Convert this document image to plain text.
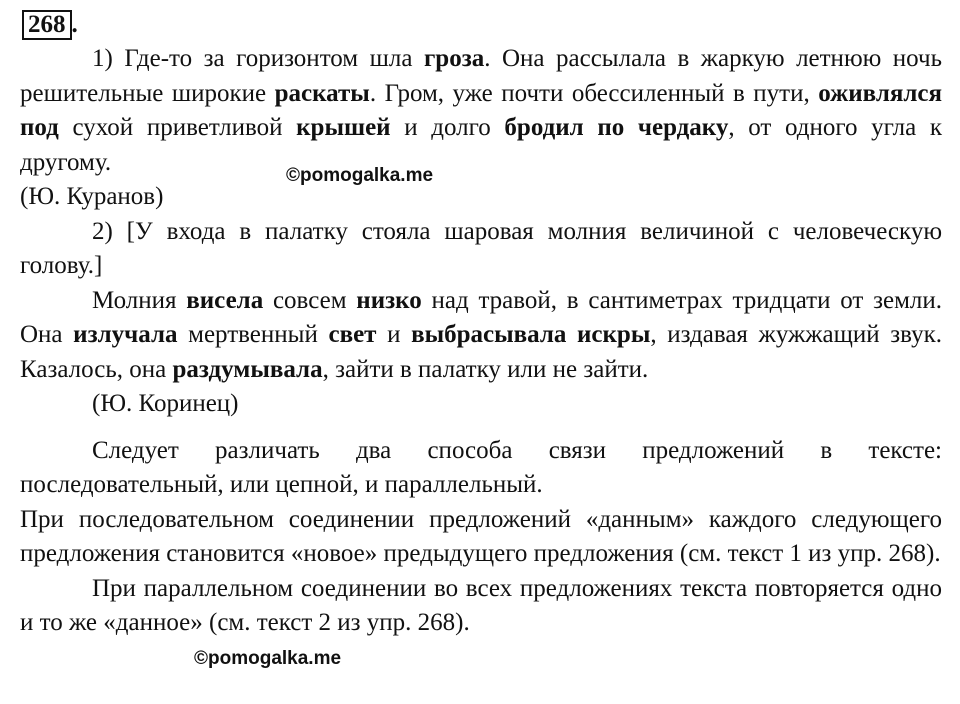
268 .

1) Где-то за горизонтом шла гроза. Она рассылала в жаркую летнюю ночь решительные широкие раскаты. Гром, уже почти обессиленный в пути, оживлялся под сухой приветливой крышей и долго бродил по чердаку, от одного угла к другому.

(Ю. Куранов)

2) [У входа в палатку стояла шаровая молния величиной с человеческую голову.]

Молния висела совсем низко над травой, в сантиметрах тридцати от земли. Она излучала мертвенный свет и выбрасывала искры, издавая жужжащий звук. Казалось, она раздумывала, зайти в палатку или не зайти.

(Ю. Коринец)

Следует различать два способа связи предложений в тексте: последовательный, или цепной, и параллельный.

При последовательном соединении предложений «данным» каждого следующего предложения становится «новое» предыдущего предложения (см. текст 1 из упр. 268).

При параллельном соединении во всех предложениях текста повторяется одно и то же «данное» (см. текст 2 из упр. 268).

©pomogalka.me
©pomogalka.me
